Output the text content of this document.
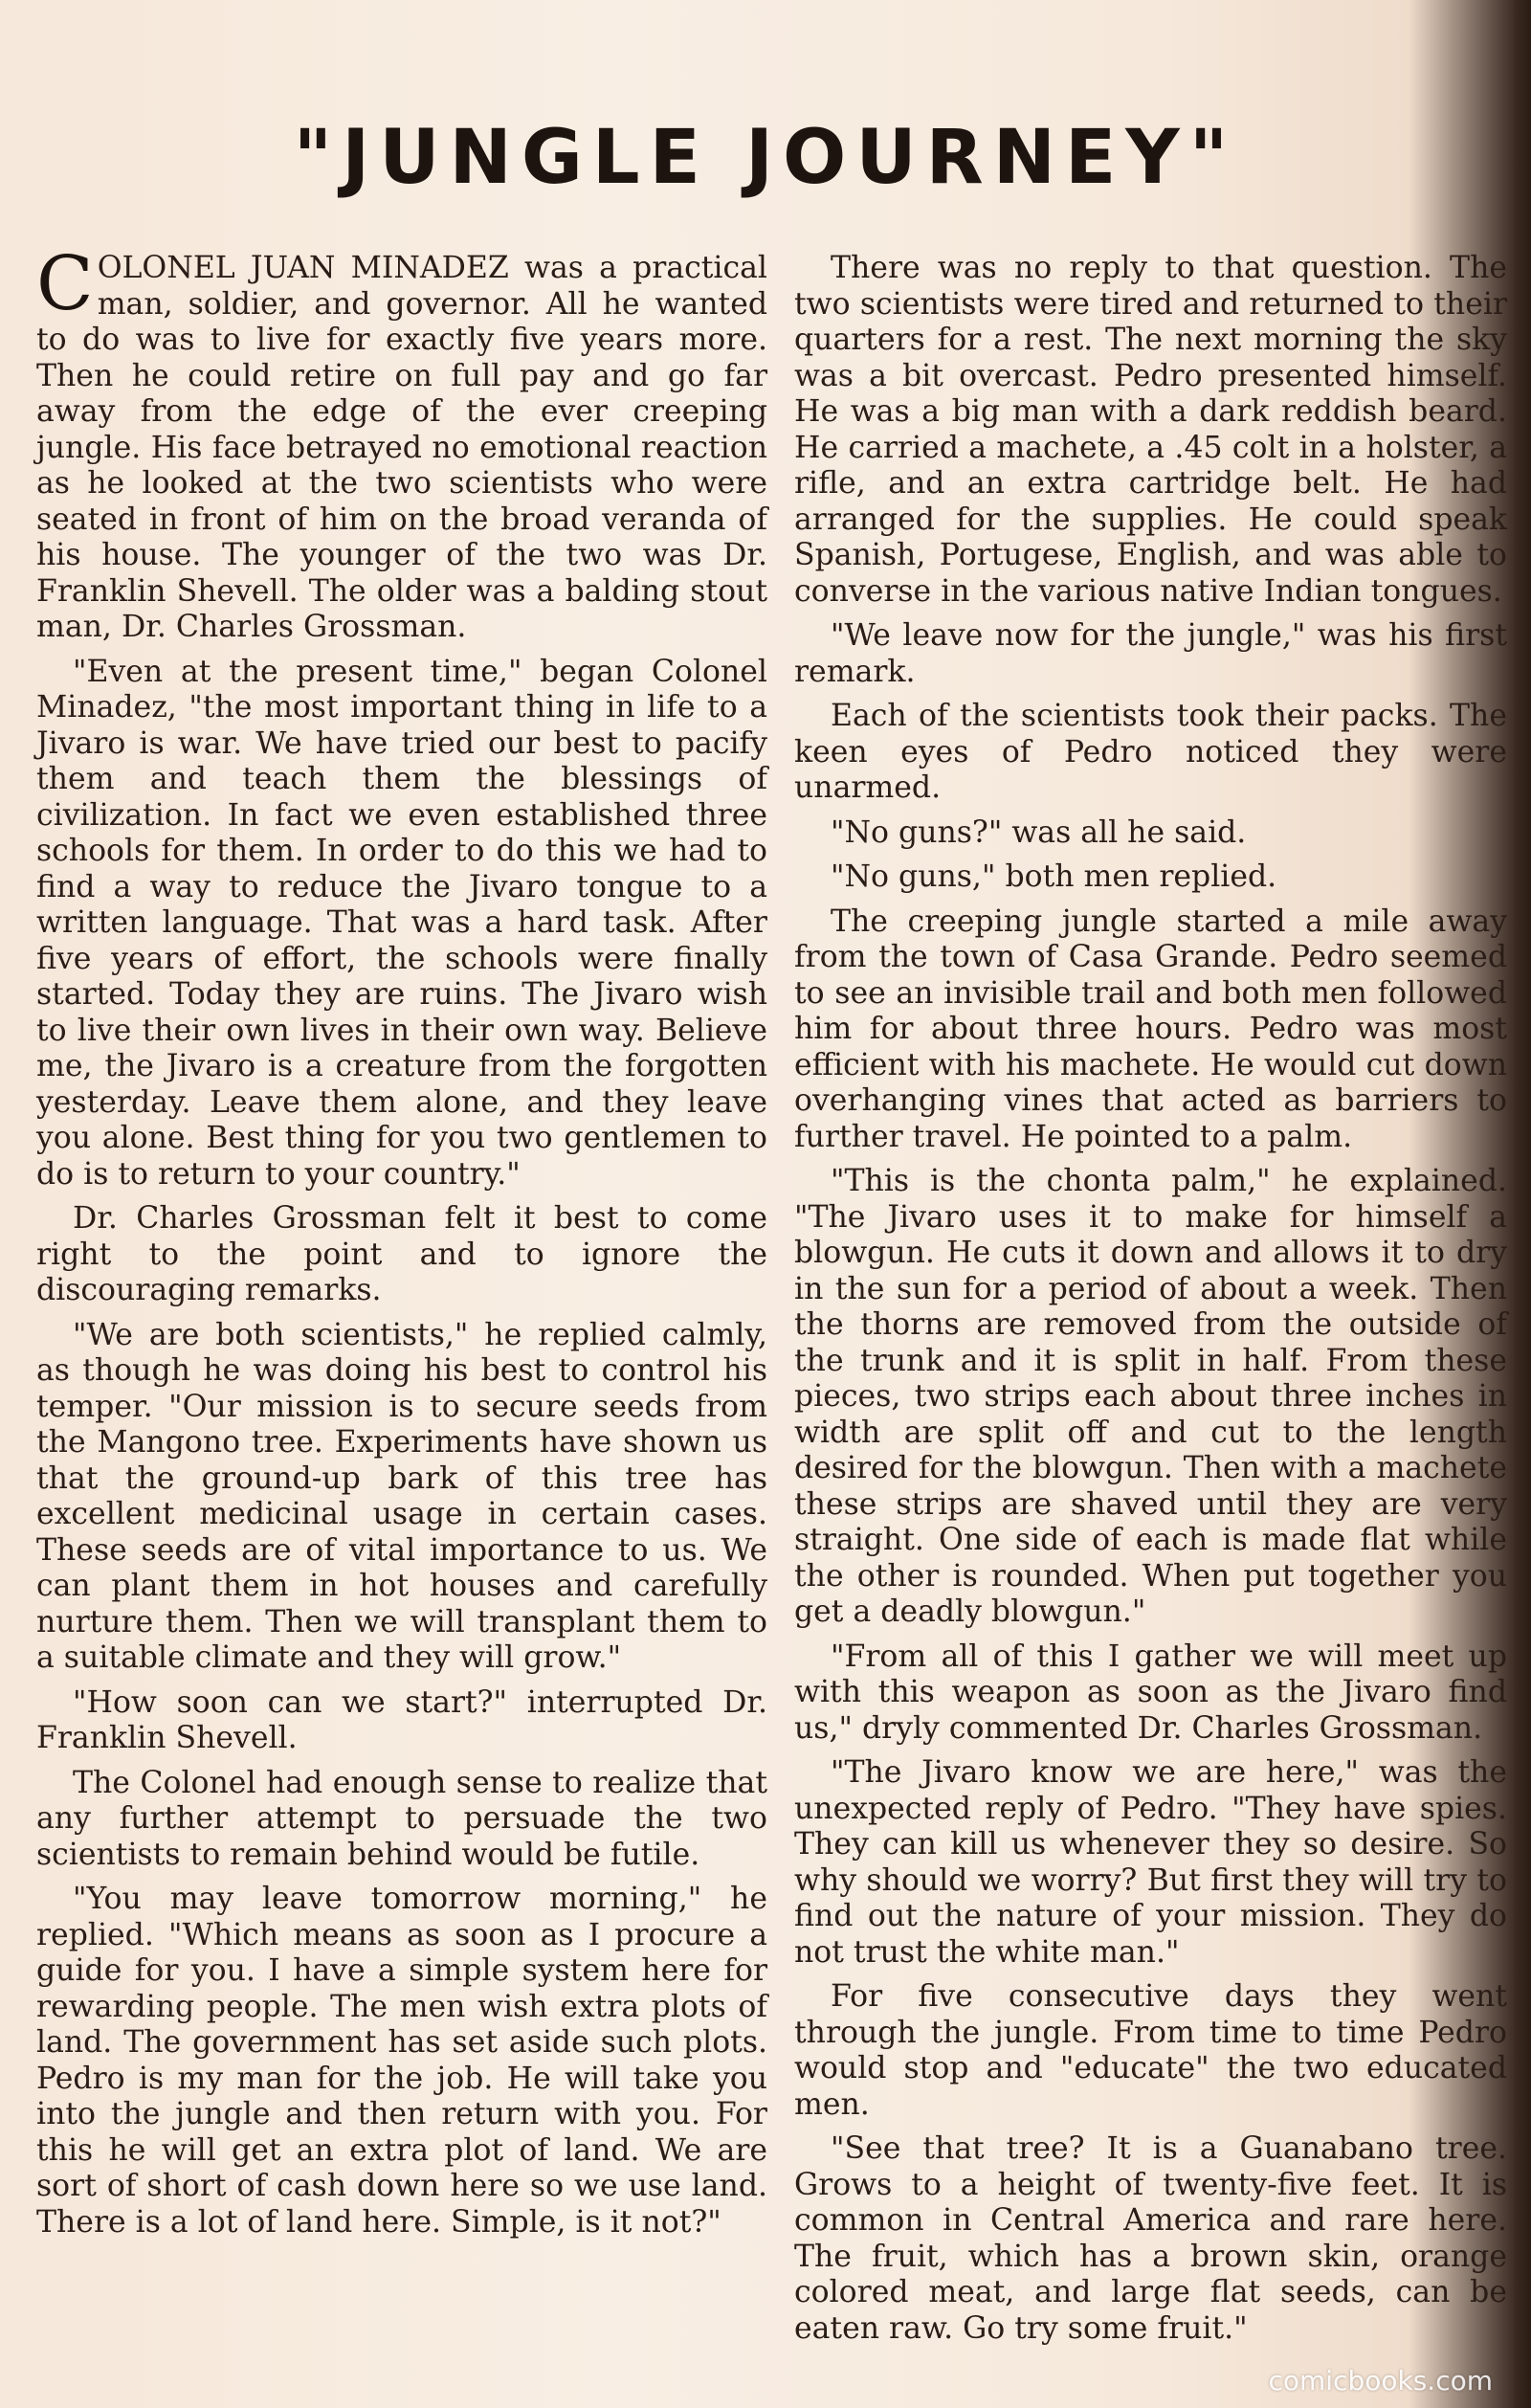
"JUNGLE JOURNEY"

COLONEL JUAN MINADEZ was a practical man, soldier, and governor. All he wanted to do was to live for exactly five years more. Then he could retire on full pay and go far away from the edge of the ever creeping jungle. His face betrayed no emotional reaction as he looked at the two scientists who were seated in front of him on the broad veranda of his house. The younger of the two was Dr. Franklin Shevell. The older was a balding stout man, Dr. Charles Grossman.

"Even at the present time," began Colonel Minadez, "the most important thing in life to a Jivaro is war. We have tried our best to pacify them and teach them the blessings of civilization. In fact we even established three schools for them. In order to do this we had to find a way to reduce the Jivaro tongue to a written language. That was a hard task. After five years of effort, the schools were finally started. Today they are ruins. The Jivaro wish to live their own lives in their own way. Believe me, the Jivaro is a creature from the forgotten yesterday. Leave them alone, and they leave you alone. Best thing for you two gentlemen to do is to return to your country."

Dr. Charles Grossman felt it best to come right to the point and to ignore the discouraging remarks.

"We are both scientists," he replied calmly, as though he was doing his best to control his temper. "Our mission is to secure seeds from the Mangono tree. Experiments have shown us that the ground-up bark of this tree has excellent medicinal usage in certain cases. These seeds are of vital importance to us. We can plant them in hot houses and carefully nurture them. Then we will transplant them to a suitable climate and they will grow."

"How soon can we start?" interrupted Dr. Franklin Shevell.

The Colonel had enough sense to realize that any further attempt to persuade the two scientists to remain behind would be futile.

"You may leave tomorrow morning," he replied. "Which means as soon as I procure a guide for you. I have a simple system here for rewarding people. The men wish extra plots of land. The government has set aside such plots. Pedro is my man for the job. He will take you into the jungle and then return with you. For this he will get an extra plot of land. We are sort of short of cash down here so we use land. There is a lot of land here. Simple, is it not?"

There was no reply to that question. The two scientists were tired and returned to their quarters for a rest. The next morning the sky was a bit overcast. Pedro presented himself. He was a big man with a dark reddish beard. He carried a machete, a .45 colt in a holster, a rifle, and an extra cartridge belt. He had arranged for the supplies. He could speak Spanish, Portugese, English, and was able to converse in the various native Indian tongues.

"We leave now for the jungle," was his first remark.

Each of the scientists took their packs. The keen eyes of Pedro noticed they were unarmed.

"No guns?" was all he said.

"No guns," both men replied.

The creeping jungle started a mile away from the town of Casa Grande. Pedro seemed to see an invisible trail and both men followed him for about three hours. Pedro was most efficient with his machete. He would cut down overhanging vines that acted as barriers to further travel. He pointed to a palm.

"This is the chonta palm," he explained. "The Jivaro uses it to make for himself a blowgun. He cuts it down and allows it to dry in the sun for a period of about a week. Then the thorns are removed from the outside of the trunk and it is split in half. From these pieces, two strips each about three inches in width are split off and cut to the length desired for the blowgun. Then with a machete these strips are shaved until they are very straight. One side of each is made flat while the other is rounded. When put together you get a deadly blowgun."

"From all of this I gather we will meet up with this weapon as soon as the Jivaro find us," dryly commented Dr. Charles Grossman.

"The Jivaro know we are here," was the unexpected reply of Pedro. "They have spies. They can kill us whenever they so desire. So why should we worry? But first they will try to find out the nature of your mission. They do not trust the white man."

For five consecutive days they went through the jungle. From time to time Pedro would stop and "educate" the two educated men.

"See that tree? It is a Guanabano tree. Grows to a height of twenty-five feet. It is common in Central America and rare here. The fruit, which has a brown skin, orange colored meat, and large flat seeds, can be eaten raw. Go try some fruit."

comicbooks.com
